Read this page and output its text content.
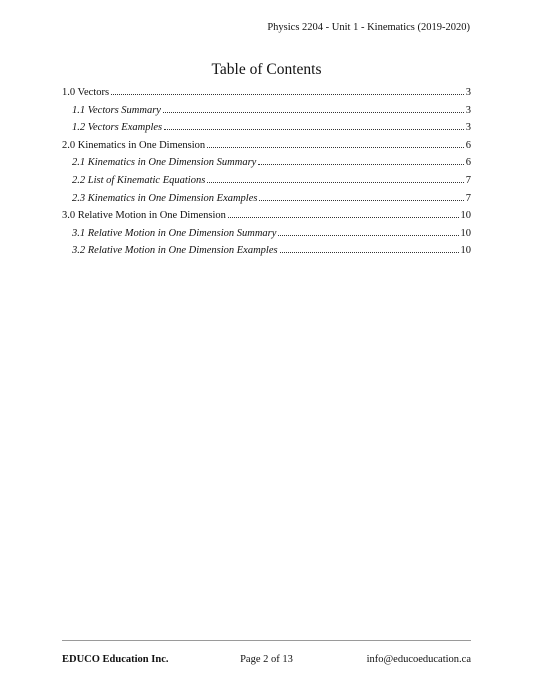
Physics 2204 - Unit 1 - Kinematics (2019-2020)
Table of Contents
1.0 Vectors	3
1.1 Vectors Summary	3
1.2 Vectors Examples	3
2.0 Kinematics in One Dimension	6
2.1 Kinematics in One Dimension Summary	6
2.2 List of Kinematic Equations	7
2.3 Kinematics in One Dimension Examples	7
3.0 Relative Motion in One Dimension	10
3.1 Relative Motion in One Dimension Summary	10
3.2 Relative Motion in One Dimension Examples	10
Page 2 of 13
EDUCO Education Inc.	info@educoeducation.ca
